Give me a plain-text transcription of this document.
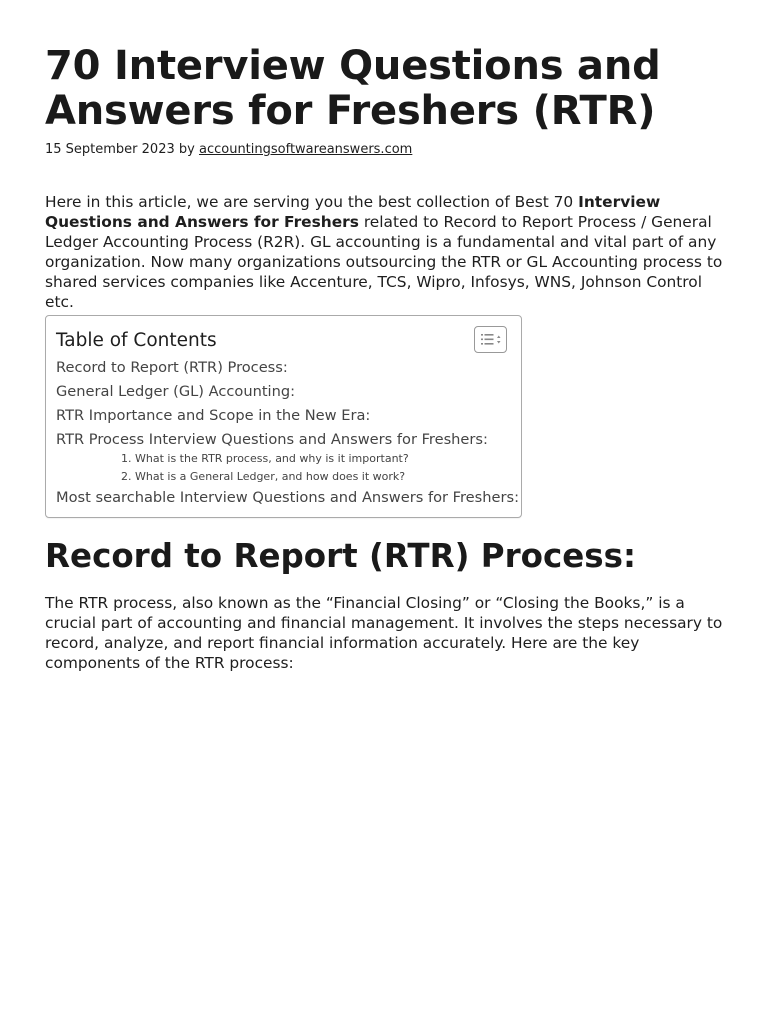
70 Interview Questions and Answers for Freshers (RTR)
15 September 2023 by accountingsoftwareanswers.com

Here in this article, we are serving you the best collection of Best 70 Interview Questions and Answers for Freshers related to Record to Report Process / General Ledger Accounting Process (R2R). GL accounting is a fundamental and vital part of any organization. Now many organizations outsourcing the RTR or GL Accounting process to shared services companies like Accenture, TCS, Wipro, Infosys, WNS, Johnson Control etc.

Table of Contents
Record to Report (RTR) Process:
General Ledger (GL) Accounting:
RTR Importance and Scope in the New Era:
RTR Process Interview Questions and Answers for Freshers:
1. What is the RTR process, and why is it important?
2. What is a General Ledger, and how does it work?
Most searchable Interview Questions and Answers for Freshers:
Record to Report (RTR) Process:

The RTR process, also known as the “Financial Closing” or “Closing the Books,” is a crucial part of accounting and financial management. It involves the steps necessary to record, analyze, and report financial information accurately. Here are the key components of the RTR process:
